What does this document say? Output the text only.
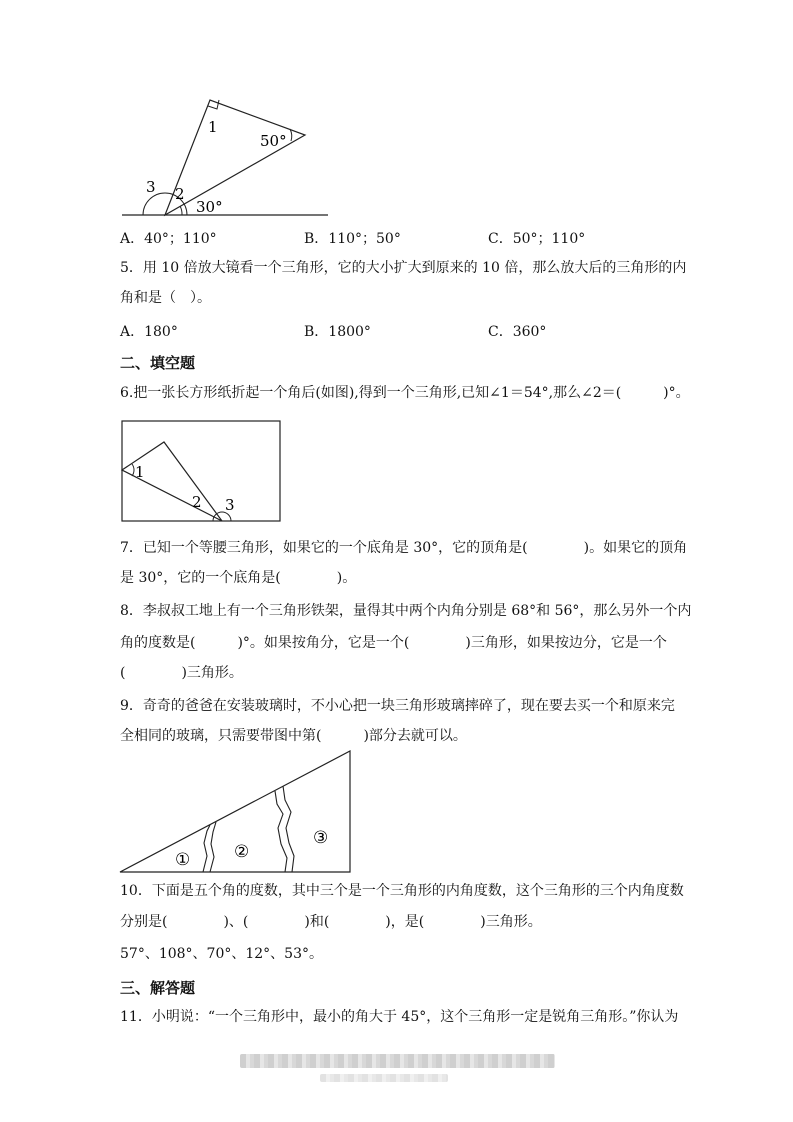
1
50°
3 2
30°
A．40°；110°	B．110°；50°	C．50°；110°
5．用 10 倍放大镜看一个三角形，它的大小扩大到原来的 10 倍，那么放大后的三角形的内
角和是（　）。
A．180°	B．1800°	C．360°
二、填空题
6.把一张长方形纸折起一个角后(如图),得到一个三角形,已知∠1＝54°,那么∠2＝(　　　)°。
1
2 3
7．已知一个等腰三角形，如果它的一个底角是 30°，它的顶角是(　　　　)。如果它的顶角
是 30°，它的一个底角是(　　　　)。
8．李叔叔工地上有一个三角形铁架，量得其中两个内角分别是 68°和 56°，那么另外一个内
角的度数是(　　　)°。如果按角分，它是一个(　　　　)三角形，如果按边分，它是一个
(　　　　)三角形。
9．奇奇的爸爸在安装玻璃时，不小心把一块三角形玻璃摔碎了，现在要去买一个和原来完
全相同的玻璃，只需要带图中第(　　　)部分去就可以。
①	②
③
10．下面是五个角的度数，其中三个是一个三角形的内角度数，这个三角形的三个内角度数
分别是(　　　　)、(　　　　)和(　　　　)，是(　　　　)三角形。
57°、108°、70°、12°、53°。
三、解答题
11．小明说：“一个三角形中，最小的角大于 45°，这个三角形一定是锐角三角形。”你认为
